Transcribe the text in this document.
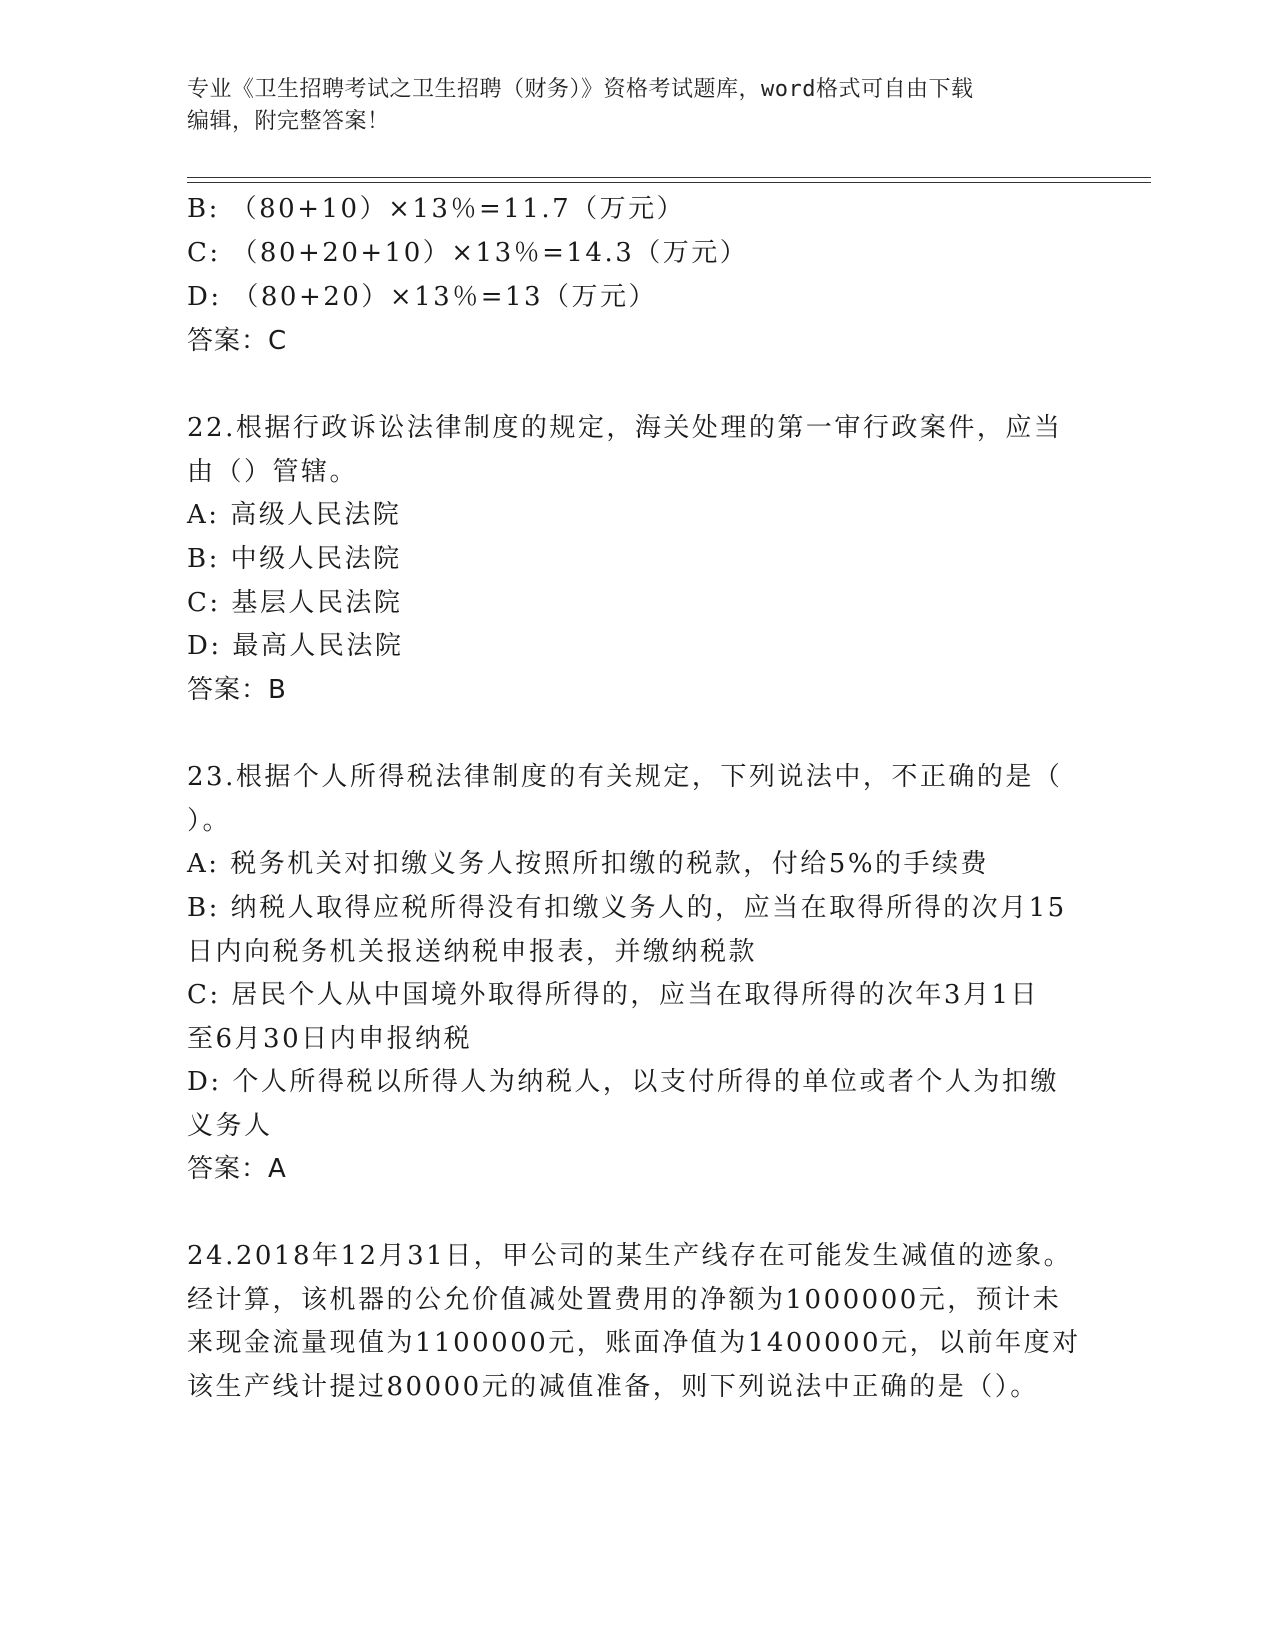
专业《卫生招聘考试之卫生招聘（财务）》资格考试题库，word格式可自由下载
编辑，附完整答案！
B: （80+10）×13％=11.7（万元）
C: （80+20+10）×13％=14.3（万元）
D: （80+20）×13％=13（万元）
答案：C
22.根据行政诉讼法律制度的规定，海关处理的第一审行政案件，应当
由（）管辖。
A: 高级人民法院
B: 中级人民法院
C: 基层人民法院
D: 最高人民法院
答案：B
23.根据个人所得税法律制度的有关规定，下列说法中，不正确的是（
）。
A: 税务机关对扣缴义务人按照所扣缴的税款，付给5%的手续费
B: 纳税人取得应税所得没有扣缴义务人的，应当在取得所得的次月15
日内向税务机关报送纳税申报表，并缴纳税款
C: 居民个人从中国境外取得所得的，应当在取得所得的次年3月1日
至6月30日内申报纳税
D: 个人所得税以所得人为纳税人，以支付所得的单位或者个人为扣缴
义务人
答案：A
24.2018年12月31日，甲公司的某生产线存在可能发生减值的迹象。
经计算，该机器的公允价值减处置费用的净额为1000000元，预计未
来现金流量现值为1100000元，账面净值为1400000元，以前年度对
该生产线计提过80000元的减值准备，则下列说法中正确的是（）。
